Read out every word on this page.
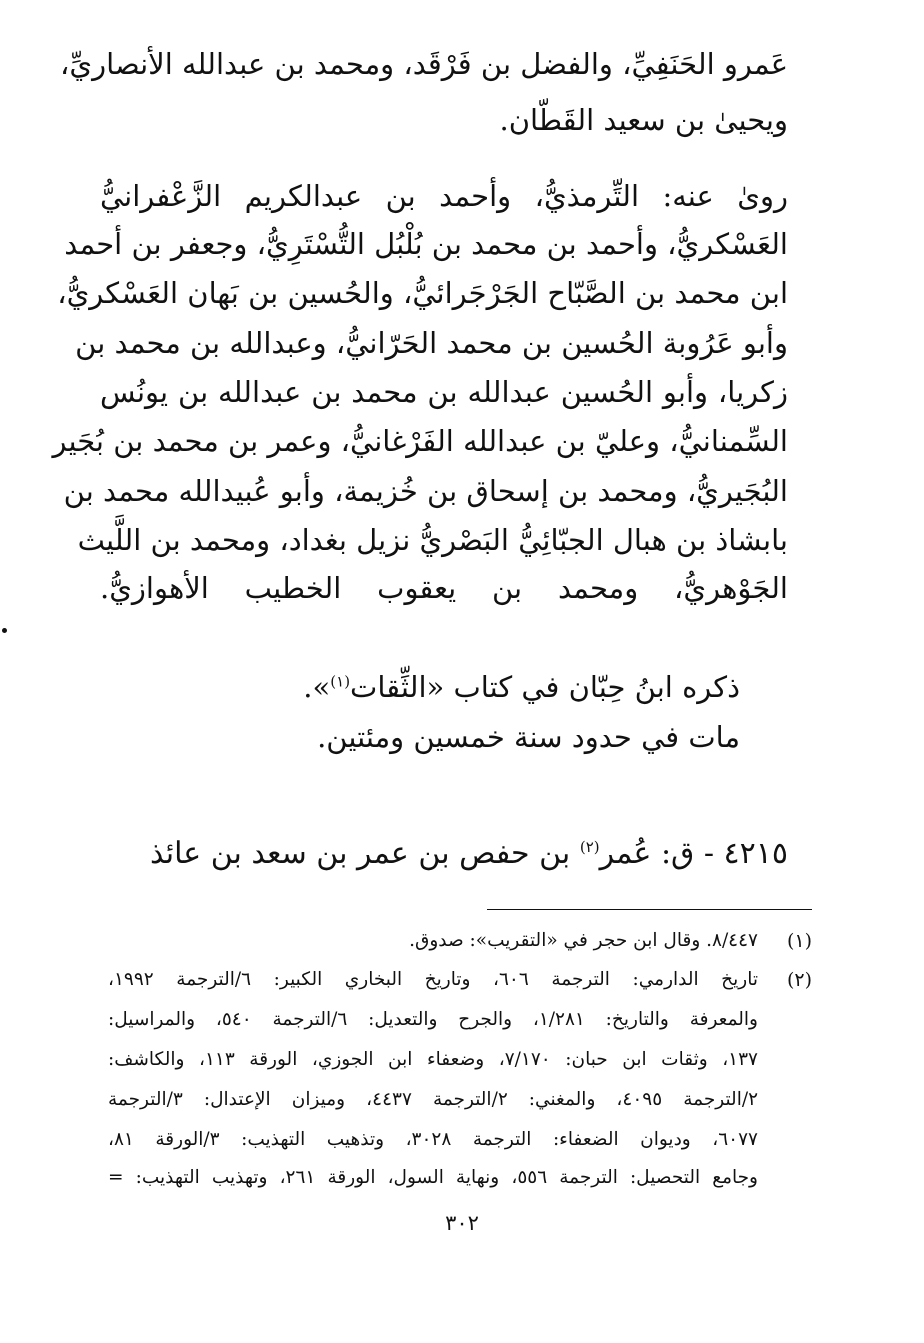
عَمرو الحَنَفِيِّ، والفضل بن فَرْقَد، ومحمد بن عبدالله الأنصاريِّ،
ويحيىٰ بن سعيد القَطّان.
روىٰ عنه: التِّرمذيُّ، وأحمد بن عبدالكريم الزَّعْفرانيُّ
العَسْكريُّ، وأحمد بن محمد بن بُلْبُل التُّسْتَرِيُّ، وجعفر بن أحمد
ابن محمد بن الصَّبّاح الجَرْجَرائيُّ، والحُسين بن بَهان العَسْكريُّ،
وأبو عَرُوبة الحُسين بن محمد الحَرّانيُّ، وعبدالله بن محمد بن
زكريا، وأبو الحُسين عبدالله بن محمد بن عبدالله بن يونُس
السِّمنانيُّ، وعليّ بن عبدالله الفَرْغانيُّ، وعمر بن محمد بن بُجَير
البُجَيريُّ، ومحمد بن إسحاق بن خُزيمة، وأبو عُبيدالله محمد بن
بابشاذ بن هبال الجبّائِيُّ البَصْريُّ نزيل بغداد، ومحمد بن اللَّيث
الجَوْهريُّ، ومحمد بن يعقوب الخطيب الأهوازيُّ.
ذكره ابنُ حِبّان في كتاب «الثِّقات$^{(١)}$».
مات في حدود سنة خمسين ومئتين.
٤٢١٥ - ق: عُمر$^{(٢)}$ بن حفص بن عمر بن سعد بن عائذ
(١)
٨/٤٤٧. وقال ابن حجر في «التقريب»: صدوق.
(٢)
تاريخ الدارمي: الترجمة ٦٠٦، وتاريخ البخاري الكبير: ٦/الترجمة ١٩٩٢،
والمعرفة والتاريخ: ١/٢٨١، والجرح والتعديل: ٦/الترجمة ٥٤٠، والمراسيل:
١٣٧، وثقات ابن حبان: ٧/١٧٠، وضعفاء ابن الجوزي، الورقة ١١٣، والكاشف:
٢/الترجمة ٤٠٩٥، والمغني: ٢/الترجمة ٤٤٣٧، وميزان الإعتدال: ٣/الترجمة
٦٠٧٧، وديوان الضعفاء: الترجمة ٣٠٢٨، وتذهيب التهذيب: ٣/الورقة ٨١،
وجامع التحصيل: الترجمة ٥٥٦، ونهاية السول، الورقة ٢٦١، وتهذيب التهذيب: =
٣٠٢
